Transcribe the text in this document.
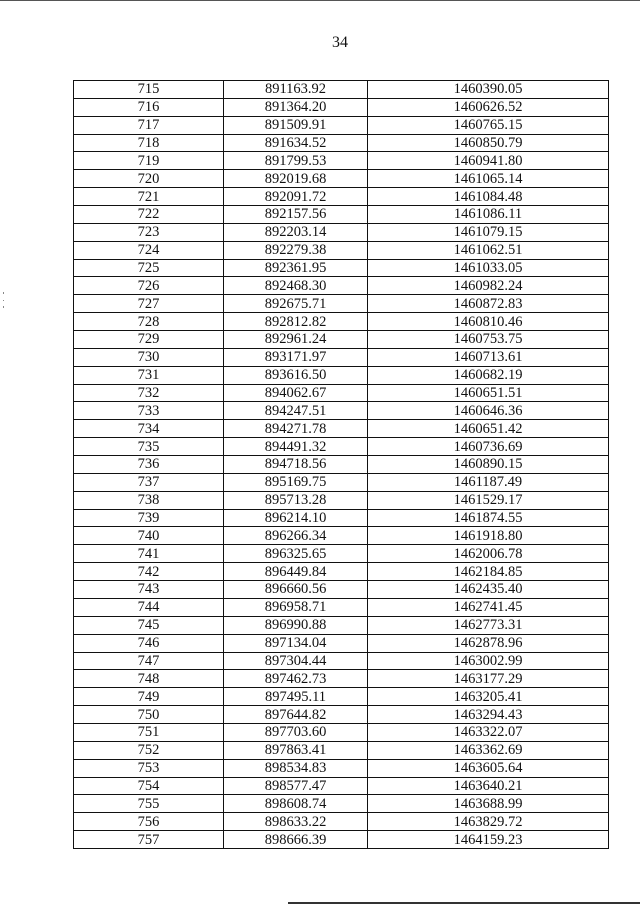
34
715	891163.92	1460390.05
716	891364.20	1460626.52
717	891509.91	1460765.15
718	891634.52	1460850.79
719	891799.53	1460941.80
720	892019.68	1461065.14
721	892091.72	1461084.48
722	892157.56	1461086.11
723	892203.14	1461079.15
724	892279.38	1461062.51
725	892361.95	1461033.05
726	892468.30	1460982.24
727	892675.71	1460872.83
728	892812.82	1460810.46
729	892961.24	1460753.75
730	893171.97	1460713.61
731	893616.50	1460682.19
732	894062.67	1460651.51
733	894247.51	1460646.36
734	894271.78	1460651.42
735	894491.32	1460736.69
736	894718.56	1460890.15
737	895169.75	1461187.49
738	895713.28	1461529.17
739	896214.10	1461874.55
740	896266.34	1461918.80
741	896325.65	1462006.78
742	896449.84	1462184.85
743	896660.56	1462435.40
744	896958.71	1462741.45
745	896990.88	1462773.31
746	897134.04	1462878.96
747	897304.44	1463002.99
748	897462.73	1463177.29
749	897495.11	1463205.41
750	897644.82	1463294.43
751	897703.60	1463322.07
752	897863.41	1463362.69
753	898534.83	1463605.64
754	898577.47	1463640.21
755	898608.74	1463688.99
756	898633.22	1463829.72
757	898666.39	1464159.23
